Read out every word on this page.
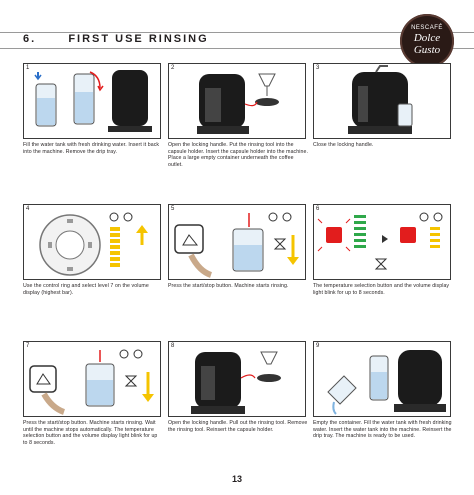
6.	FIRST USE RINSING
NESCAFÉ
Dolce
Gusto
1
Fill the water tank with fresh drinking water. Insert it back into the machine. Remove the drip tray.
2
Open the locking handle. Put the rinsing tool into the capsule holder. Insert the capsule holder into the machine. Place a large empty container underneath the coffee outlet.
3
Close the locking handle.
4
Use the control ring and select level 7 on the volume display (highest bar).
5
Press the start/stop button. Machine starts rinsing.
6
The temperature selection button and the volume display light blink for up to 8 seconds.
7
Press the start/stop button. Machine starts rinsing. Wait until the machine stops automatically. The temperature selection button and the volume display light blink for up to 8 seconds.
8
Open the locking handle. Pull out the rinsing tool. Remove the rinsing tool. Reinsert the capsule holder.
9
Empty the container. Fill the water tank with fresh drinking water. Insert the water tank into the machine. Reinsert the drip tray. The machine is ready to be used.
13
